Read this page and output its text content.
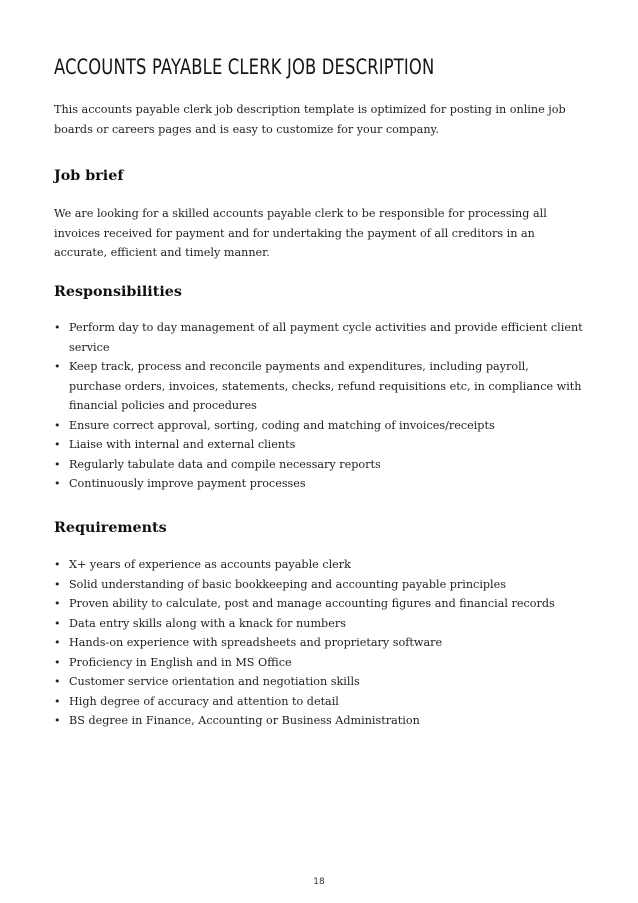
ACCOUNTS PAYABLE CLERK JOB DESCRIPTION

This accounts payable clerk job description template is optimized for posting in online job boards or careers pages and is easy to customize for your company.

Job brief

We are looking for a skilled accounts payable clerk to be responsible for processing all invoices received for payment and for undertaking the payment of all creditors in an accurate, efficient and timely manner.

Responsibilities
• Perform day to day management of all payment cycle activities and provide efficient client service
• Keep track, process and reconcile payments and expenditures, including payroll, purchase orders, invoices, statements, checks, refund requisitions etc, in compliance with financial policies and procedures
• Ensure correct approval, sorting, coding and matching of invoices/receipts
• Liaise with internal and external clients
• Regularly tabulate data and compile necessary reports
• Continuously improve payment processes
Requirements
• X+ years of experience as accounts payable clerk
• Solid understanding of basic bookkeeping and accounting payable principles
• Proven ability to calculate, post and manage accounting figures and financial records
• Data entry skills along with a knack for numbers
• Hands-on experience with spreadsheets and proprietary software
• Proficiency in English and in MS Office
• Customer service orientation and negotiation skills
• High degree of accuracy and attention to detail
• BS degree in Finance, Accounting or Business Administration
18
